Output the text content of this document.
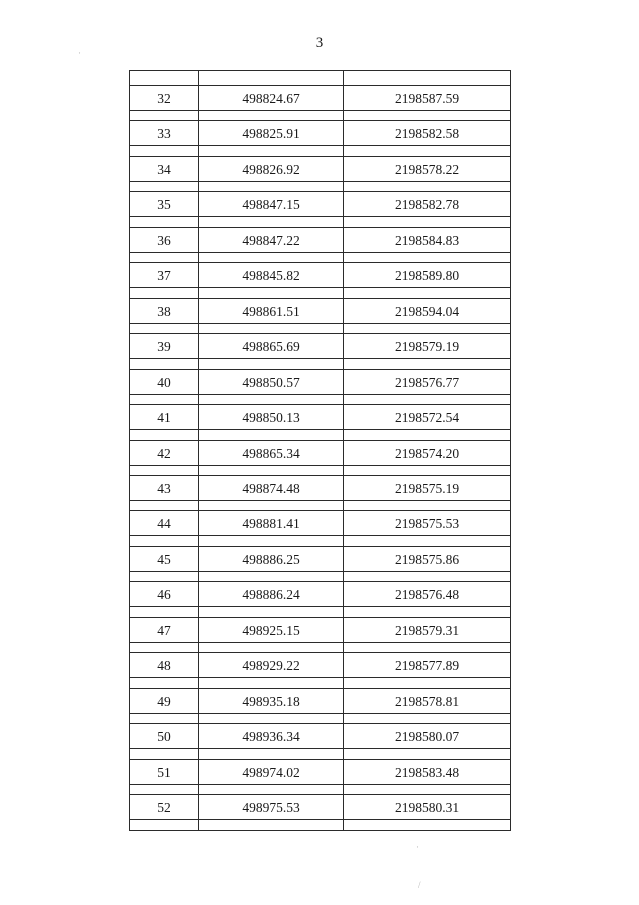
3
32	498824.67	2198587.59
33	498825.91	2198582.58
34	498826.92	2198578.22
35	498847.15	2198582.78
36	498847.22	2198584.83
37	498845.82	2198589.80
38	498861.51	2198594.04
39	498865.69	2198579.19
40	498850.57	2198576.77
41	498850.13	2198572.54
42	498865.34	2198574.20
43	498874.48	2198575.19
44	498881.41	2198575.53
45	498886.25	2198575.86
46	498886.24	2198576.48
47	498925.15	2198579.31
48	498929.22	2198577.89
49	498935.18	2198578.81
50	498936.34	2198580.07
51	498974.02	2198583.48
52	498975.53	2198580.31
·
·
/
